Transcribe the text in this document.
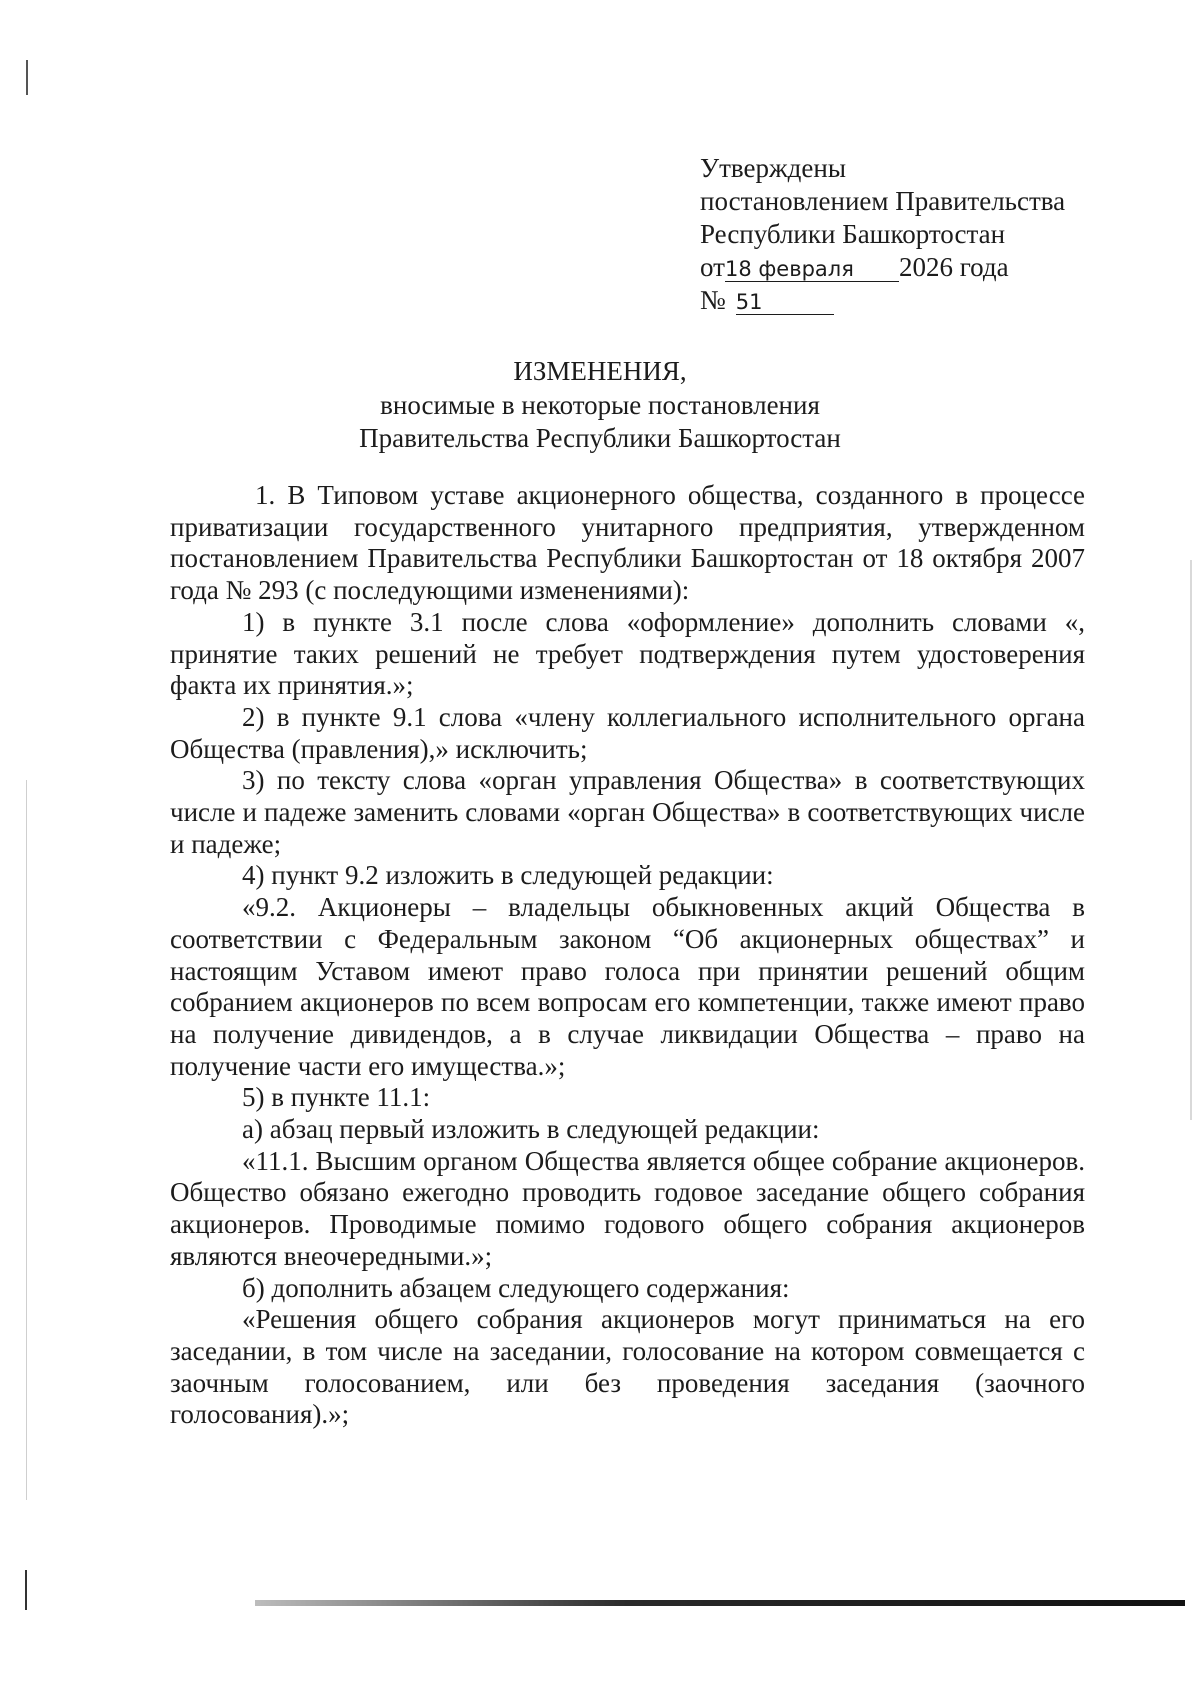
Утверждены
постановлением Правительства
Республики Башкортостан
от18 февраля 2026 года
№ 51
ИЗМЕНЕНИЯ,
вносимые в некоторые постановления
Правительства Республики Башкортостан

1. В Типовом уставе акционерного общества, созданного в процессе приватизации государственного унитарного предприятия, утвержденном постановлением Правительства Республики Башкортостан от 18 октября 2007 года № 293 (с последующими изменениями):

1) в пункте 3.1 после слова «оформление» дополнить словами «, принятие таких решений не требует подтверждения путем удостоверения факта их принятия.»;

2) в пункте 9.1 слова «члену коллегиального исполнительного органа Общества (правления),» исключить;

3) по тексту слова «орган управления Общества» в соответствующих числе и падеже заменить словами «орган Общества» в соответствующих числе и падеже;

4) пункт 9.2 изложить в следующей редакции:

«9.2. Акционеры – владельцы обыкновенных акций Общества в соответствии с Федеральным законом “Об акционерных обществах” и настоящим Уставом имеют право голоса при принятии решений общим собранием акционеров по всем вопросам его компетенции, также имеют право на получение дивидендов, а в случае ликвидации Общества – право на получение части его имущества.»;

5) в пункте 11.1:

а) абзац первый изложить в следующей редакции:

«11.1. Высшим органом Общества является общее собрание акционеров. Общество обязано ежегодно проводить годовое заседание общего собрания акционеров. Проводимые помимо годового общего собрания акционеров являются внеочередными.»;

б) дополнить абзацем следующего содержания:

«Решения общего собрания акционеров могут приниматься на его заседании, в том числе на заседании, голосование на котором совмещается с заочным голосованием, или без проведения заседания (заочного голосования).»;
